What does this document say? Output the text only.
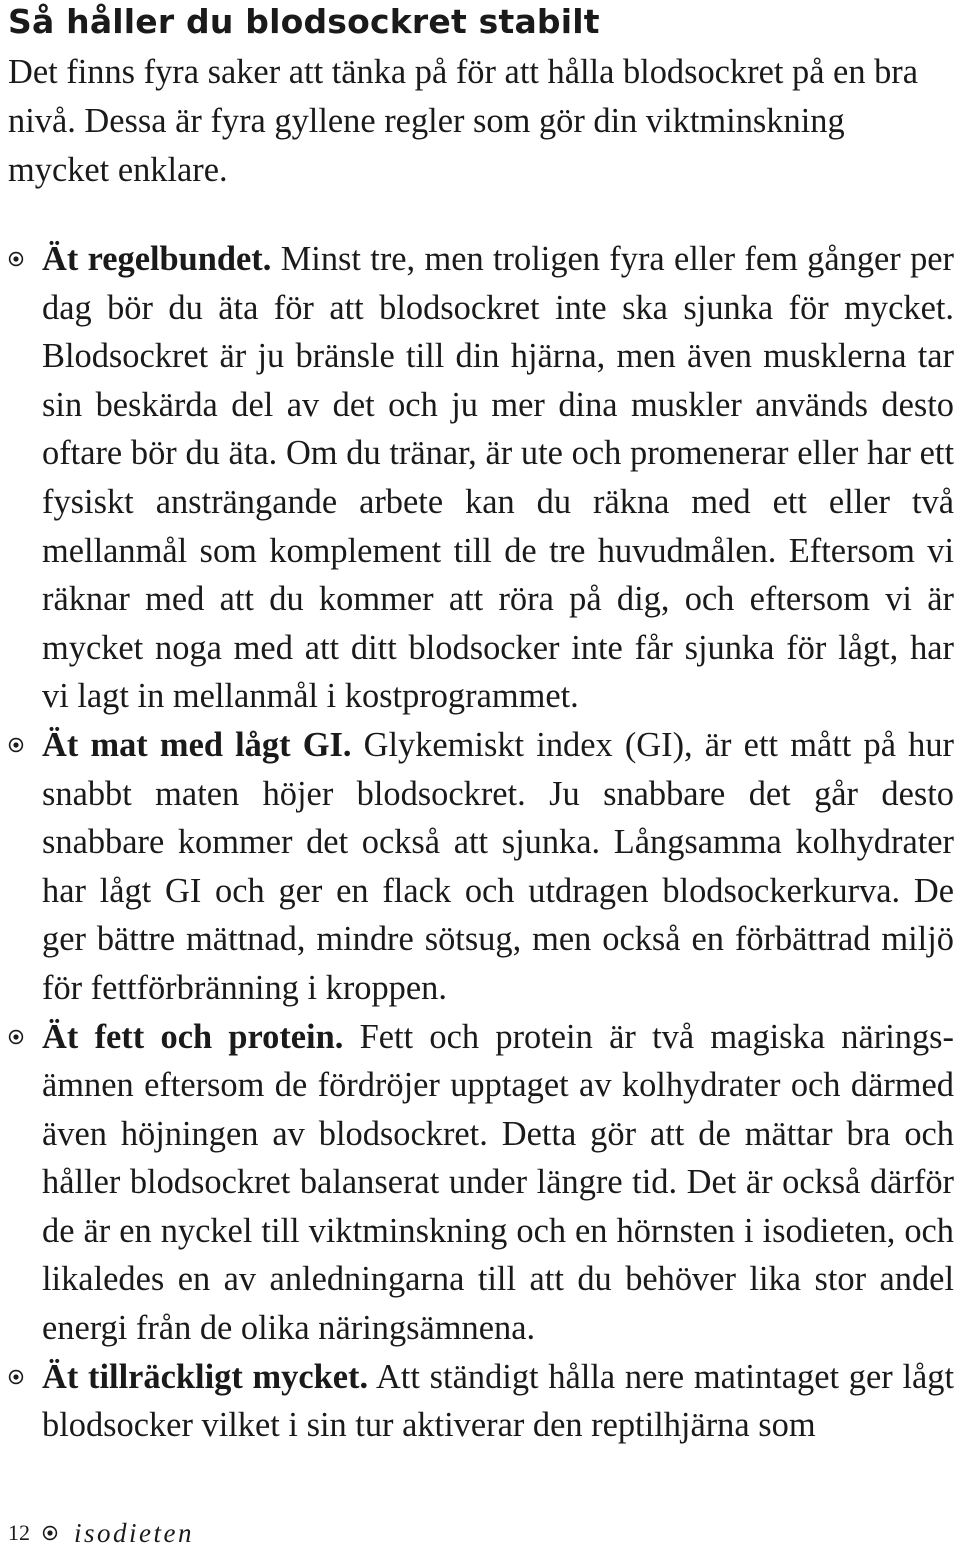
Så håller du blodsockret stabilt

Det finns fyra saker att tänka på för att hålla blodsockret på en bra nivå. Dessa är fyra gyllene regler som gör din viktminskning mycket enklare.

Ät regelbundet. Minst tre, men troligen fyra eller fem gånger per dag bör du äta för att blodsockret inte ska sjunka för mycket. Blodsockret är ju bränsle till din hjärna, men även musklerna tar sin beskärda del av det och ju mer dina muskler används desto oftare bör du äta. Om du tränar, är ute och promenerar eller har ett fysiskt ansträngande arbete kan du räkna med ett eller två mellanmål som komplement till de tre huvudmålen. Eftersom vi räknar med att du kommer att röra på dig, och eftersom vi är mycket noga med att ditt blodsocker inte får sjunka för lågt, har vi lagt in mellanmål i kostprogrammet.
Ät mat med lågt GI. Glykemiskt index (GI), är ett mått på hur snabbt maten höjer blodsockret. Ju snabbare det går desto snabbare kommer det också att sjunka. Långsamma kolhydrater har lågt GI och ger en flack och utdragen blodsockerkurva. De ger bättre mättnad, mindre sötsug, men också en förbättrad miljö för fettförbränning i kroppen.
Ät fett och protein. Fett och protein är två magiska näringsämnen eftersom de fördröjer upptaget av kolhydrater och därmed även höjningen av blodsockret. Detta gör att de mättar bra och håller blodsockret balanserat under längre tid. Det är också därför de är en nyckel till viktminskning och en hörnsten i isodieten, och likaledes en av anledningarna till att du behöver lika stor andel energi från de olika näringsämnena.
Ät tillräckligt mycket. Att ständigt hålla nere matintaget ger lågt blodsocker vilket i sin tur aktiverar den reptilhjärna som
12 isodieten
